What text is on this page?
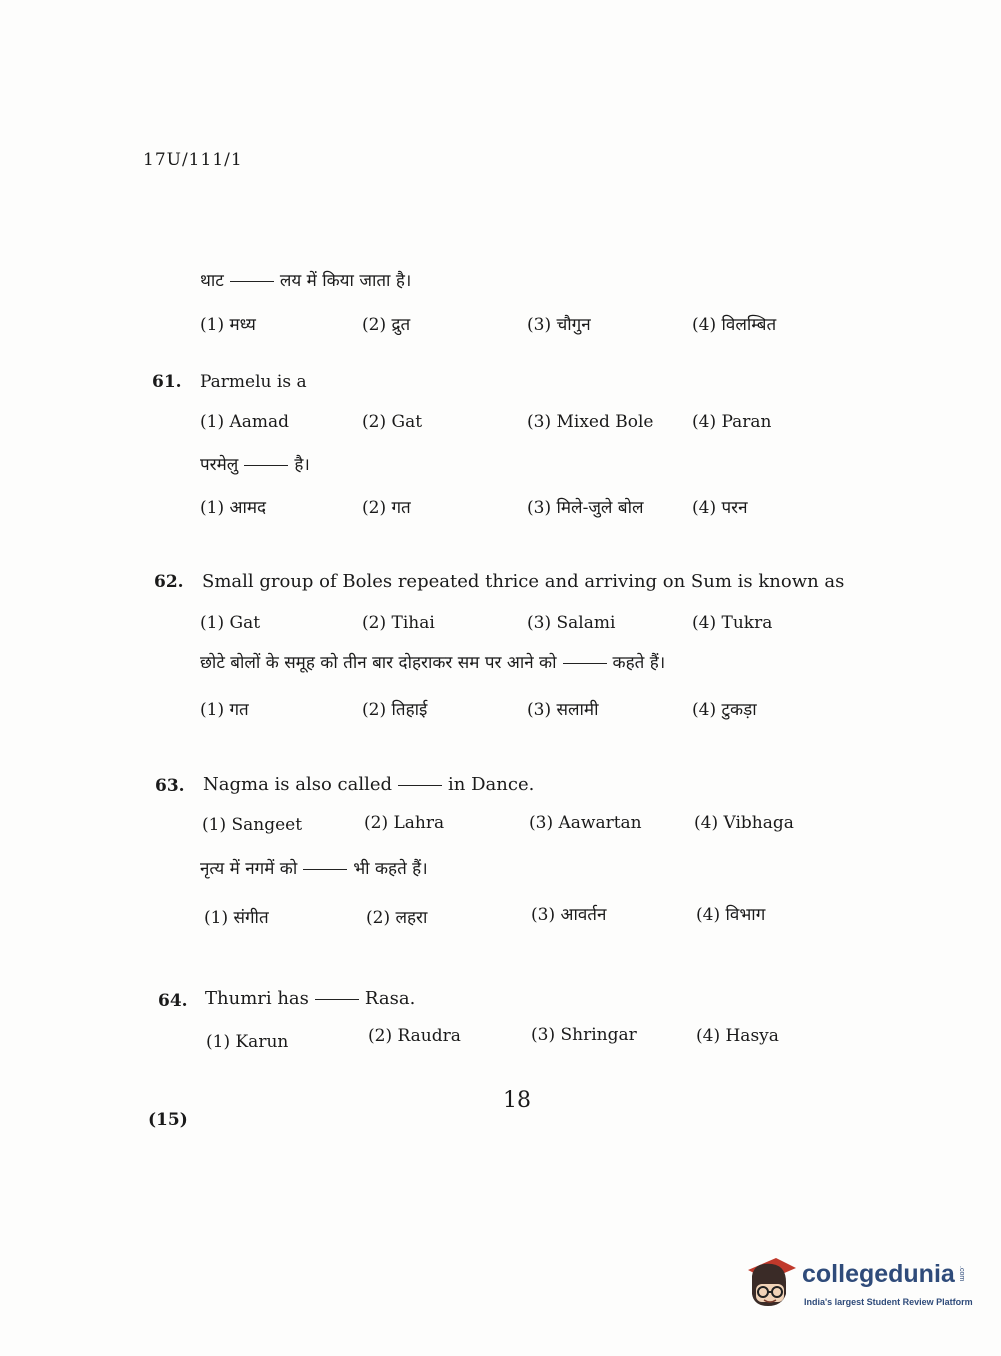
17U/111/1
थाट	लय में किया जाता है।
(1) मध्य	(2) द्रुत	(3) चौगुन	(4) विलम्बित
61. Parmelu is a
(1) Aamad	(2) Gat	(3) Mixed Bole (4) Paran
परमेलु	है।
(1) आमद	(2) गत	(3) मिले-जुले बोल	(4) परन
62. Small group of Boles repeated thrice and arriving on Sum is known as
(1) Gat	(2) Tihai	(3) Salami	(4) Tukra
छोटे बोलों के समूह को तीन बार दोहराकर सम पर आने को	कहते हैं।
(1) गत	(2) तिहाई	(3) सलामी	(4) टुकड़ा
63. Nagma is also called	in Dance.
(1) Sangeet	(2) Lahra	(3) Aawartan	(4) Vibhaga
नृत्य में नगमें को	भी कहते हैं।
(1) संगीत	(2) लहरा	(3) आवर्तन	(4) विभाग
64. Thumri has	Rasa.
(1) Karun	(2) Raudra	(3) Shringar	(4) Hasya
18
(15)
collegedunia .com
India's largest Student Review Platform
